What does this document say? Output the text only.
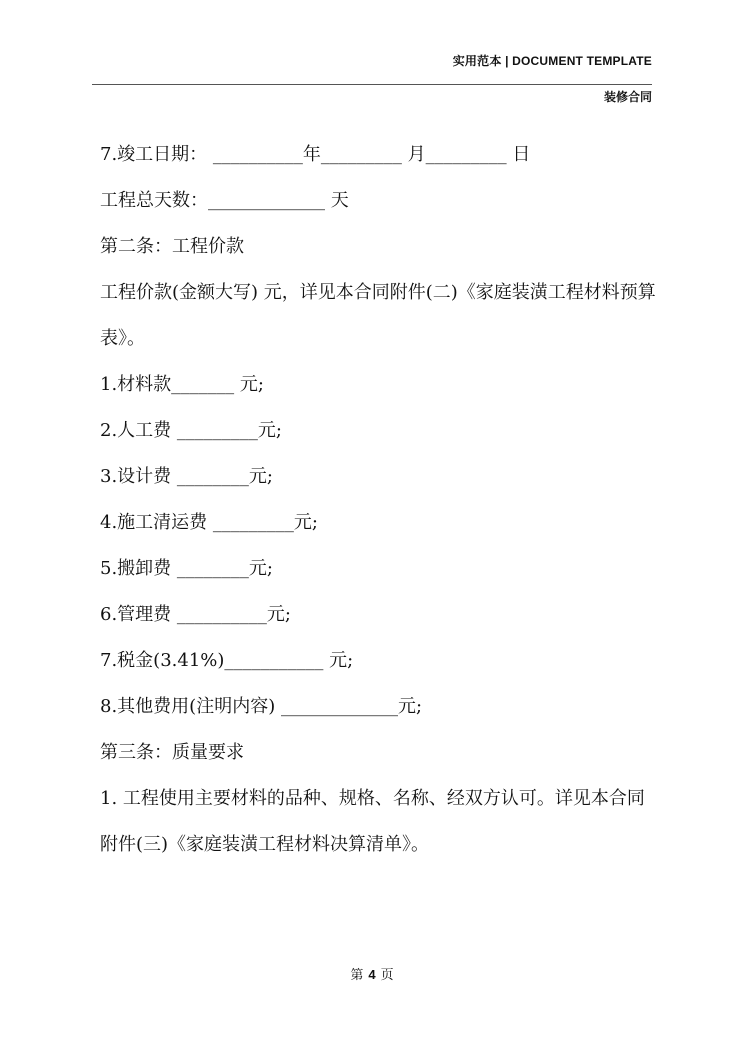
实用范本 | DOCUMENT TEMPLATE
装修合同
7.竣工日期： __________年_________ 月_________ 日
工程总天数：_____________ 天
第二条：工程价款
工程价款(金额大写) 元，详见本合同附件(二)《家庭装潢工程材料预算表》。
1.材料款_______ 元;
2.人工费 _________元;
3.设计费 ________元;
4.施工清运费 _________元;
5.搬卸费 ________元;
6.管理费 __________元;
7.税金(3.41%)___________ 元;
8.其他费用(注明内容) _____________元;
第三条：质量要求
1. 工程使用主要材料的品种、规格、名称、经双方认可。详见本合同附件(三)《家庭装潢工程材料决算清单》。
第 4 页
